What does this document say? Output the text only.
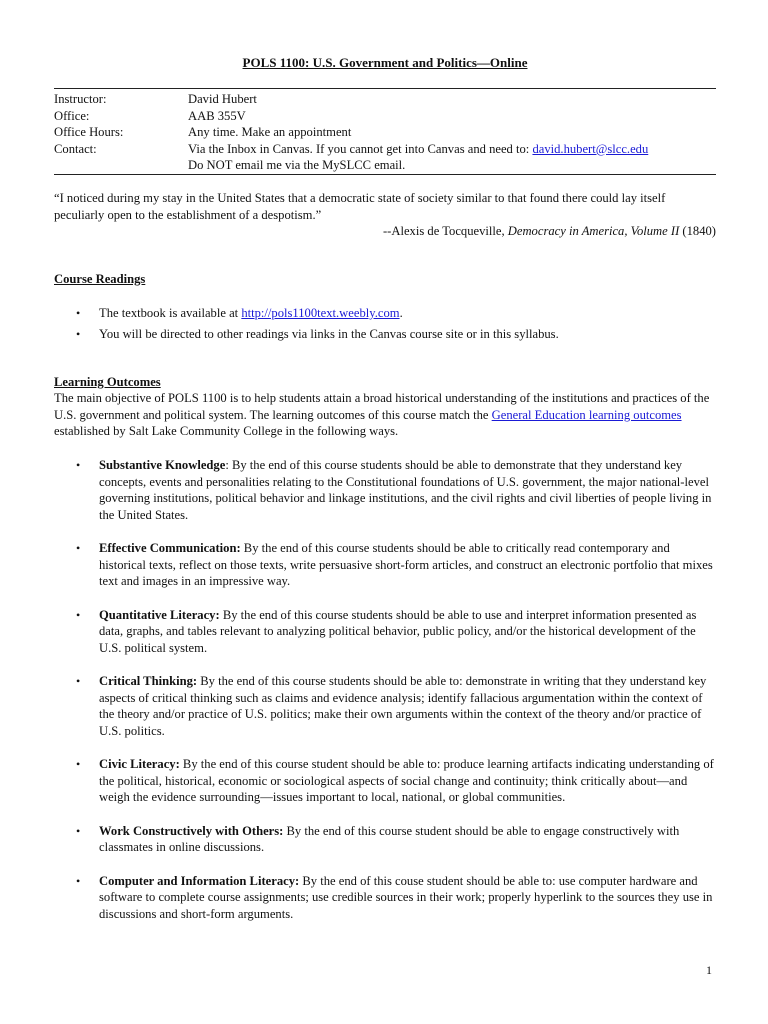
POLS 1100: U.S. Government and Politics—Online
Instructor:	David Hubert
Office:	AAB 355V
Office Hours:	Any time. Make an appointment
Contact:	Via the Inbox in Canvas. If you cannot get into Canvas and need to: david.hubert@slcc.edu
Do NOT email me via the MySLCC email.
“I noticed during my stay in the United States that a democratic state of society similar to that found there could lay itself peculiarly open to the establishment of a despotism.”
--Alexis de Tocqueville, Democracy in America, Volume II (1840)
Course Readings
• The textbook is available at http://pols1100text.weebly.com.
• You will be directed to other readings via links in the Canvas course site or in this syllabus.
Learning Outcomes
The main objective of POLS 1100 is to help students attain a broad historical understanding of the institutions and practices of the U.S. government and political system. The learning outcomes of this course match the General Education learning outcomes established by Salt Lake Community College in the following ways.
• Substantive Knowledge: By the end of this course students should be able to demonstrate that they understand key concepts, events and personalities relating to the Constitutional foundations of U.S. government, the major national-level governing institutions, political behavior and linkage institutions, and the civil rights and civil liberties of people living in the United States.
• Effective Communication: By the end of this course students should be able to critically read contemporary and historical texts, reflect on those texts, write persuasive short-form articles, and construct an electronic portfolio that mixes text and images in an impressive way.
• Quantitative Literacy: By the end of this course students should be able to use and interpret information presented as data, graphs, and tables relevant to analyzing political behavior, public policy, and/or the historical development of the U.S. political system.
• Critical Thinking: By the end of this course students should be able to: demonstrate in writing that they understand key aspects of critical thinking such as claims and evidence analysis; identify fallacious argumentation within the context of the theory and/or practice of U.S. politics; make their own arguments within the context of the theory and/or practice of U.S. politics.
• Civic Literacy: By the end of this course student should be able to: produce learning artifacts indicating understanding of the political, historical, economic or sociological aspects of social change and continuity; think critically about—and weigh the evidence surrounding—issues important to local, national, or global communities.
• Work Constructively with Others: By the end of this course student should be able to engage constructively with classmates in online discussions.
• Computer and Information Literacy: By the end of this couse student should be able to: use computer hardware and software to complete course assignments; use credible sources in their work; properly hyperlink to the sources they use in discussions and short-form arguments.
1
